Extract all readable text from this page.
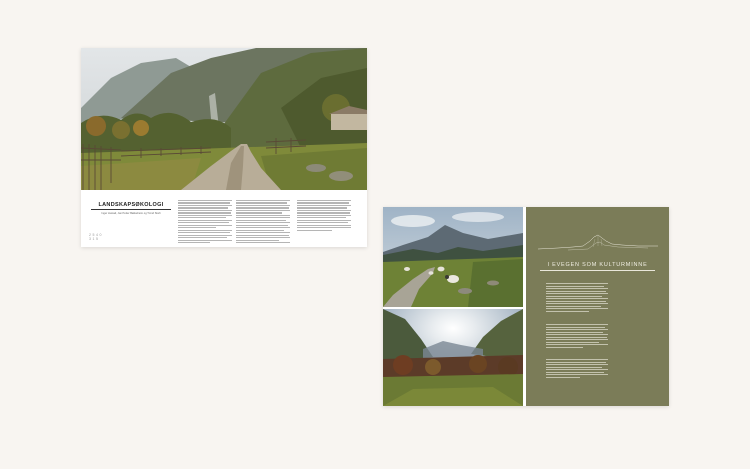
LANDSKAPSØKOLOGI
Inger Hustad, Jan Petter Bakkeheim og Trond Storli
2 5 4 0
3 1 5
I EVEGEN SOM KULTURMINNE
